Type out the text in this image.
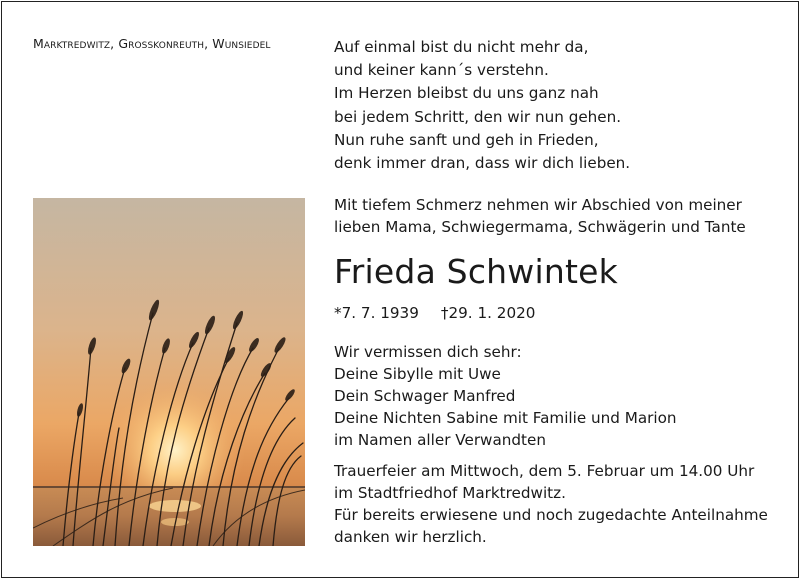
Marktredwitz, Grosskonreuth, Wunsiedel	Auf einmal bist du nicht mehr da,
und keiner kann´s verstehn.
Im Herzen bleibst du uns ganz nah
bei jedem Schritt, den wir nun gehen.
Nun ruhe sanft und geh in Frieden,
denk immer dran, dass wir dich lieben.
Mit tiefem Schmerz nehmen wir Abschied von meiner
lieben Mama, Schwiegermama, Schwägerin und Tante
Frieda Schwintek
*7. 7. 1939 †29. 1. 2020
Wir vermissen dich sehr:
Deine Sibylle mit Uwe
Dein Schwager Manfred
Deine Nichten Sabine mit Familie und Marion
im Namen aller Verwandten
Trauerfeier am Mittwoch, dem 5. Februar um 14.00 Uhr
im Stadtfriedhof Marktredwitz.
Für bereits erwiesene und noch zugedachte Anteilnahme
danken wir herzlich.
